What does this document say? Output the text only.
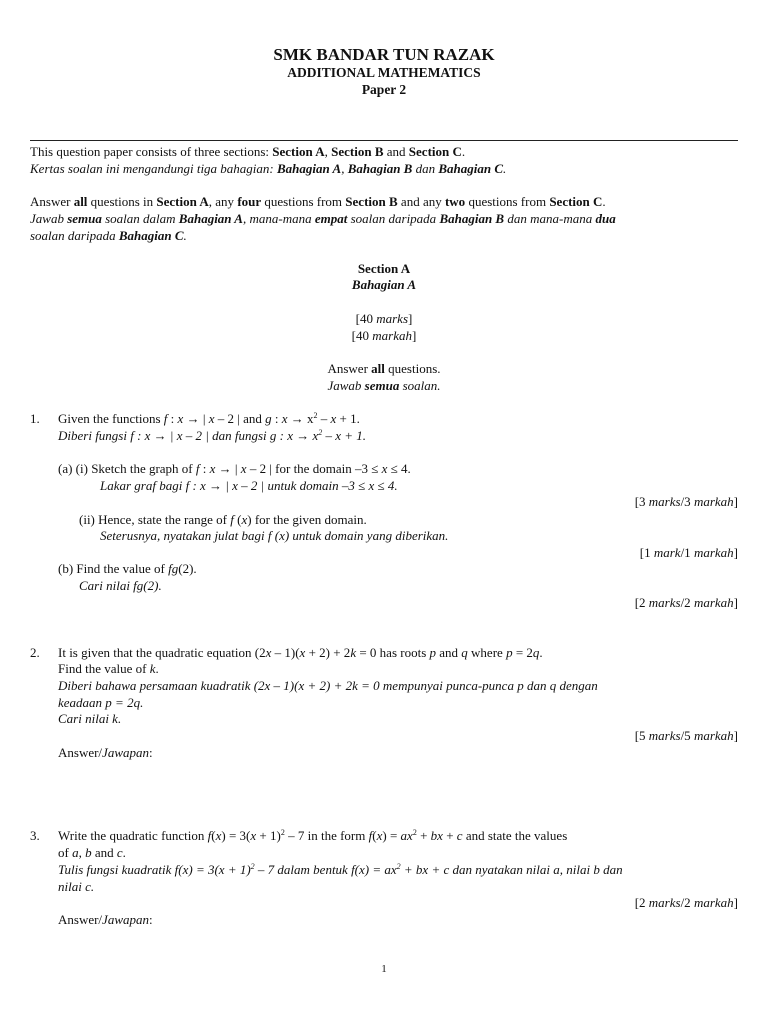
SMK BANDAR TUN RAZAK
ADDITIONAL MATHEMATICS
Paper 2
This question paper consists of three sections: Section A, Section B and Section C.
Kertas soalan ini mengandungi tiga bahagian: Bahagian A, Bahagian B dan Bahagian C.
Answer all questions in Section A, any four questions from Section B and any two questions from Section C.
Jawab semua soalan dalam Bahagian A, mana-mana empat soalan daripada Bahagian B dan mana-mana dua
soalan daripada Bahagian C.
Section A
Bahagian A
[40 marks]
[40 markah]
Answer all questions.
Jawab semua soalan.
1. Given the functions f : x → | x – 2 | and g : $x \to x^2 - x + 1$.
Diberi fungsi f : x → | x – 2 | dan fungsi g : $x \to x^2 - x + 1$.
(a) (i) Sketch the graph of f : x → | x – 2 | for the domain –3 ≤ x ≤ 4.
Lakar graf bagi f : x → | x – 2 | untuk domain –3 ≤ x ≤ 4.
[3 marks/3 markah]
(ii) Hence, state the range of f (x) for the given domain.
Seterusnya, nyatakan julat bagi f (x) untuk domain yang diberikan.
[1 mark/1 markah]
(b) Find the value of fg(2).
Cari nilai fg(2).
[2 marks/2 markah]
2. It is given that the quadratic equation (2x – 1)(x + 2) + 2k = 0 has roots p and q where p = 2q.
Find the value of k.
Diberi bahawa persamaan kuadratik (2x – 1)(x + 2) + 2k = 0 mempunyai punca-punca p dan q dengan
keadaan p = 2q.
Cari nilai k.
[5 marks/5 markah]
Answer/Jawapan:
3. Write the quadratic function $f(x) = 3(x + 1)^2 - 7$ in the form $f(x) = ax^2$ + bx + c and state the values
of a, b and c.
Tulis fungsi kuadratik $f(x) = 3(x + 1)^2 - 7$ dalam bentuk $f(x) = ax^2$ + bx + c dan nyatakan nilai a, nilai b dan
nilai c.
[2 marks/2 markah]
Answer/Jawapan:
1
